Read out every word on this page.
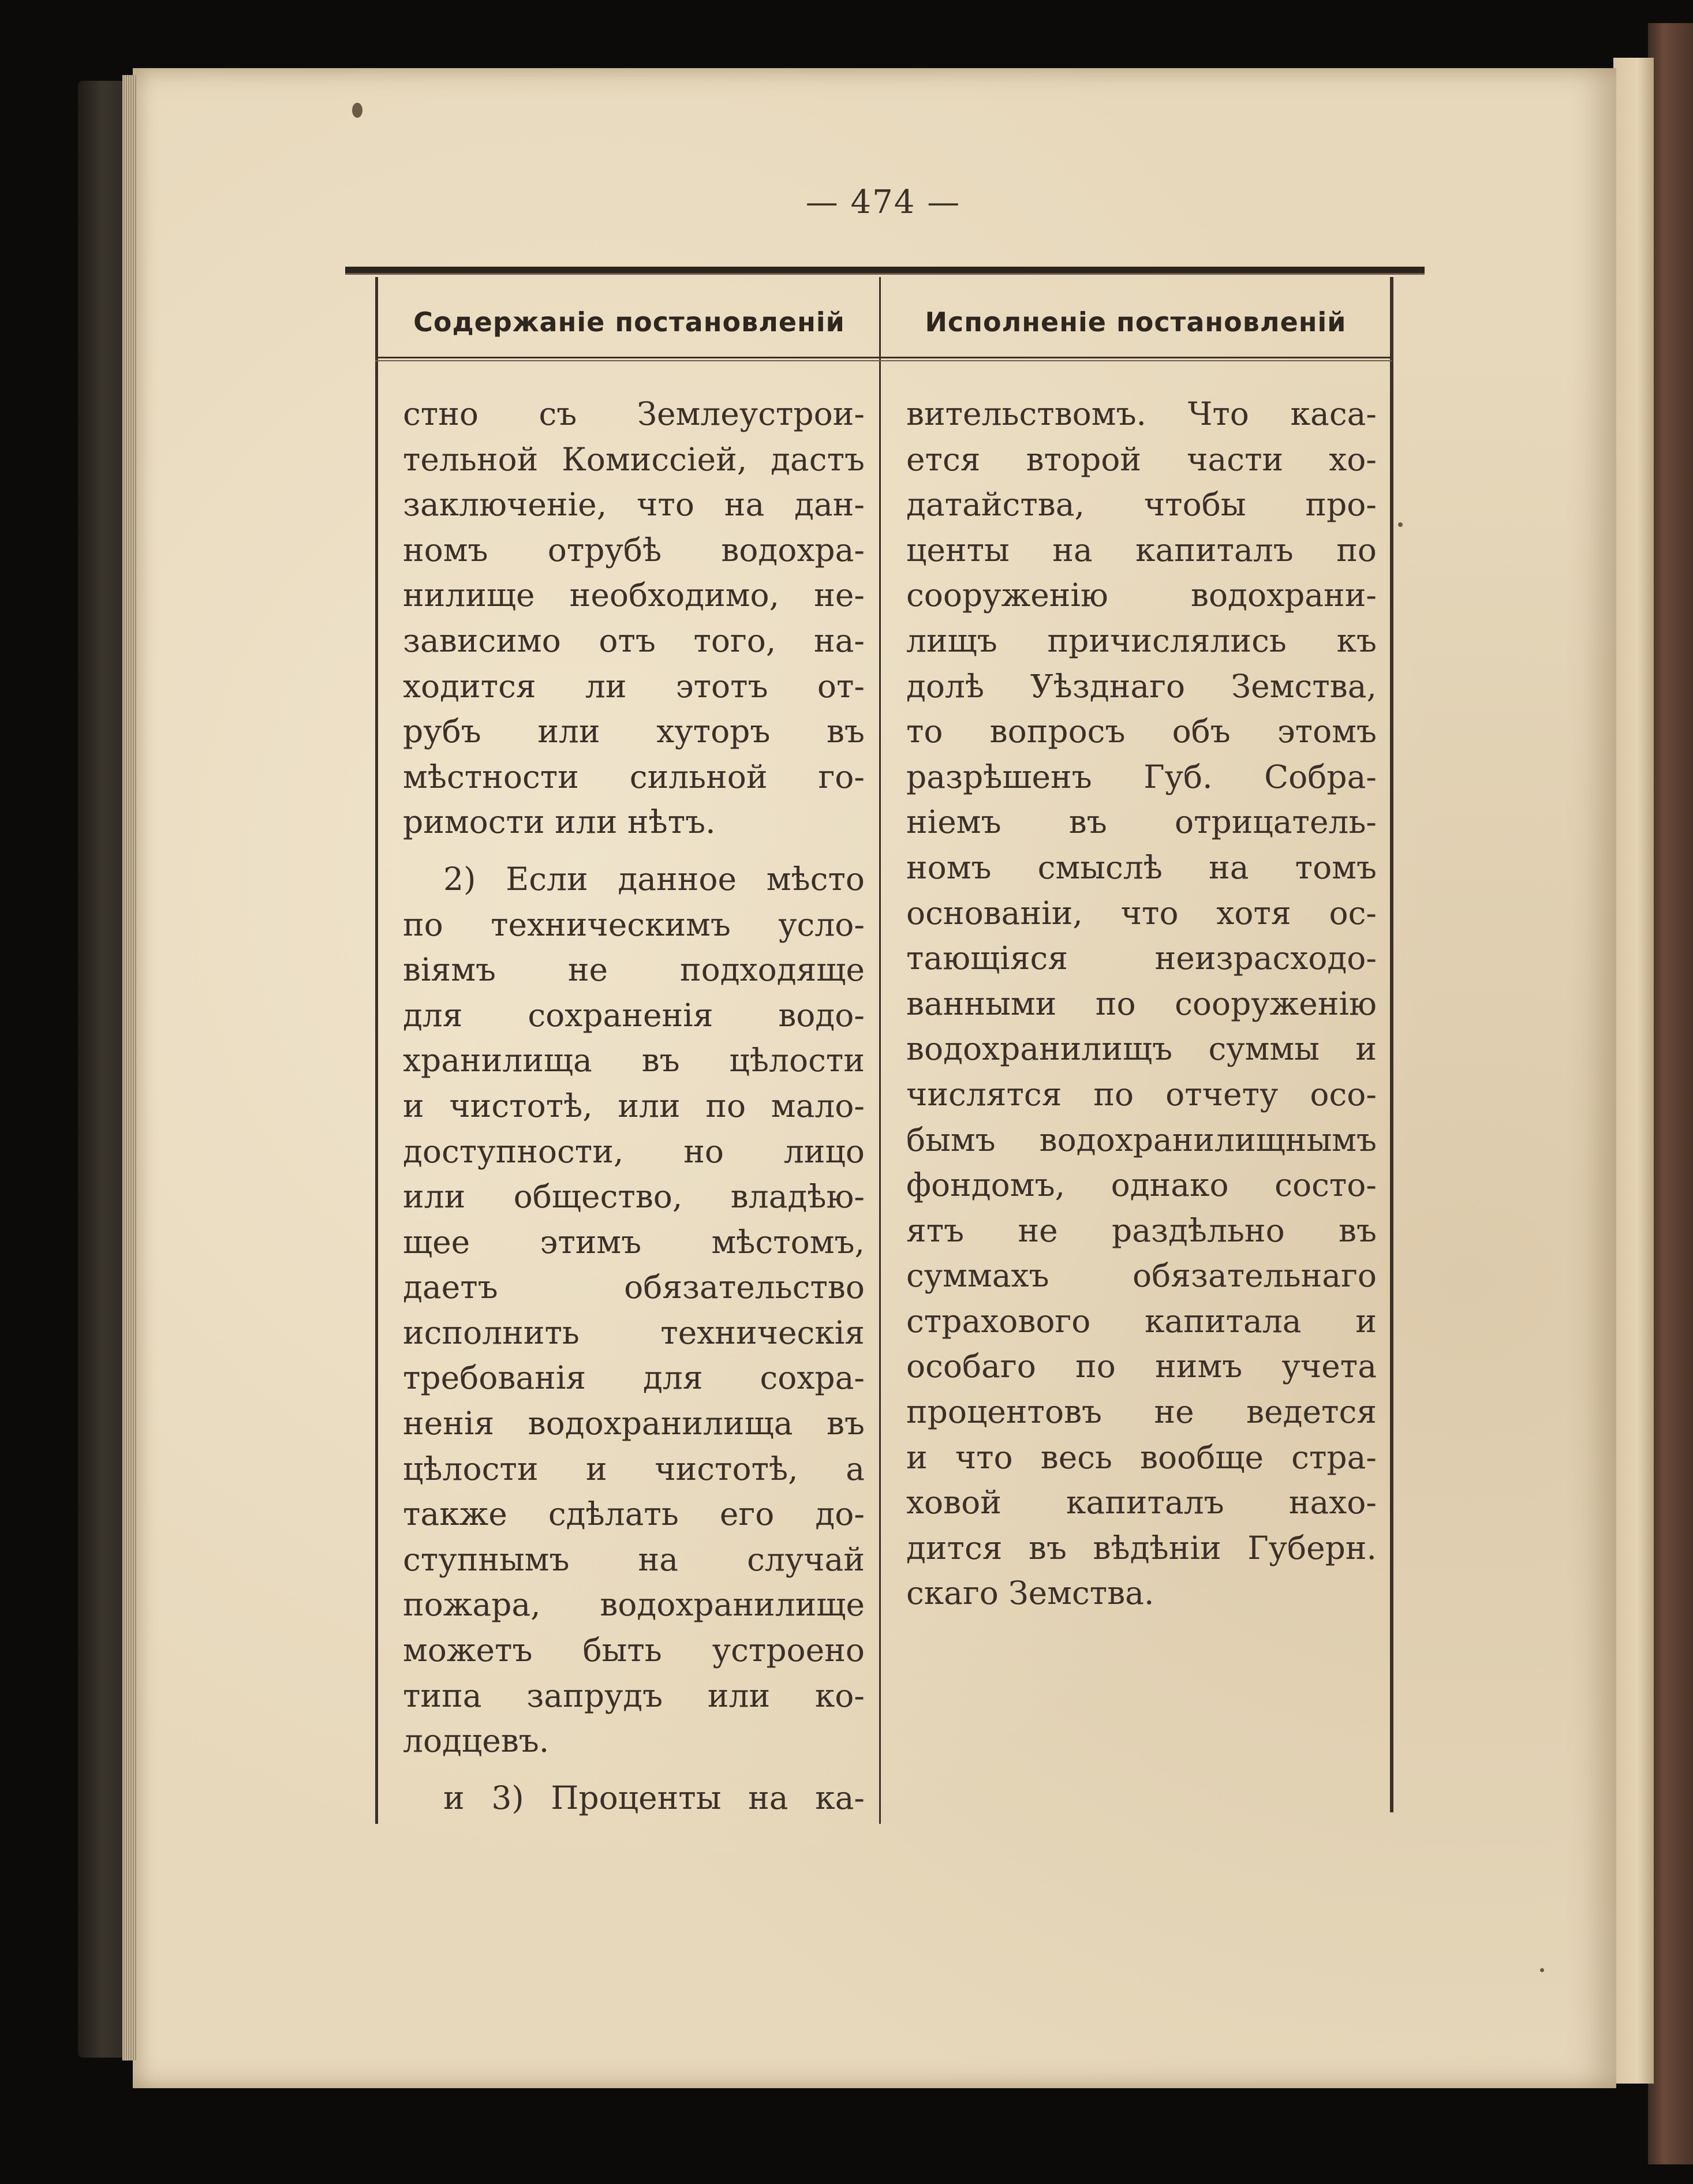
— 474 —
Содержаніе постановленій	Исполненіе постановленій
стно съ Землеустрои-
тельной Комиссіей, дастъ
заключеніе, что на дан-
номъ отрубѣ водохра-
нилище необходимо, не-
зависимо отъ того, на-
ходится ли этотъ от-
рубъ или хуторъ въ
мѣстности сильной го-
римости или нѣтъ.
2) Если данное мѣсто
по техническимъ усло-
віямъ не подходяще
для сохраненія водо-
хранилища въ цѣлости
и чистотѣ, или по мало-
доступности, но лицо
или общество, владѣю-
щее этимъ мѣстомъ,
даетъ обязательство
исполнить техническія
требованія для сохра-
ненія водохранилища въ
цѣлости и чистотѣ, а
также сдѣлать его до-
ступнымъ на случай
пожара, водохранилище
можетъ быть устроено
типа запрудъ или ко-
лодцевъ.
и 3) Проценты на ка-
вительствомъ. Что каса-
ется второй части хо-
датайства, чтобы про-
центы на капиталъ по
сооруженію водохрани-
лищъ причислялись къ
долѣ Уѣзднаго Земства,
то вопросъ объ этомъ
разрѣшенъ Губ. Собра-
ніемъ въ отрицатель-
номъ смыслѣ на томъ
основаніи, что хотя ос-
тающіяся неизрасходо-
ванными по сооруженію
водохранилищъ суммы и
числятся по отчету осо-
бымъ водохранилищнымъ
фондомъ, однако состо-
ятъ не раздѣльно въ
суммахъ обязательнаго
страхового капитала и
особаго по нимъ учета
процентовъ не ведется
и что весь вообще стра-
ховой капиталъ нахо-
дится въ вѣдѣніи Губерн.
скаго Земства.
